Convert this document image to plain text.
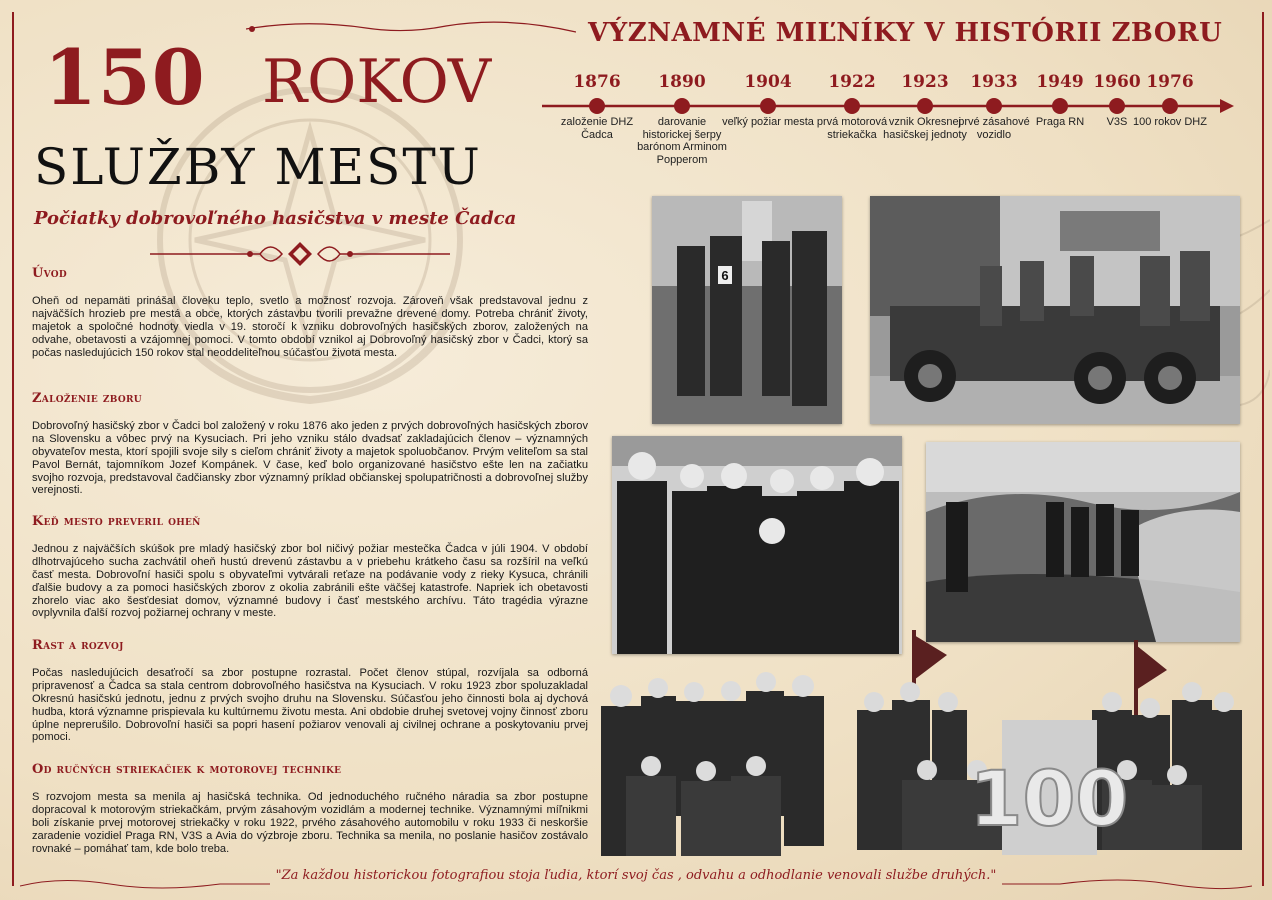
150 ROKOV
SLUŽBY MESTU
Počiatky dobrovoľného hasičstva v meste Čadca
Úvod

Oheň od nepamäti prinášal človeku teplo, svetlo a možnosť rozvoja. Zároveň však predstavoval jednu z najväčších hrozieb pre mestá a obce, ktorých zástavbu tvorili prevažne drevené domy. Potreba chrániť životy, majetok a spoločné hodnoty viedla v 19. storočí k vzniku dobrovoľných hasičských zborov, založených na odvahe, obetavosti a vzájomnej pomoci. V tomto období vznikol aj Dobrovoľný hasičský zbor v Čadci, ktorý sa počas nasledujúcich 150 rokov stal neoddeliteľnou súčasťou života mesta.

Založenie zboru

Dobrovoľný hasičský zbor v Čadci bol založený v roku 1876 ako jeden z prvých dobrovoľných hasičských zborov na Slovensku a vôbec prvý na Kysuciach. Pri jeho vzniku stálo dvadsať zakladajúcich členov – významných obyvateľov mesta, ktorí spojili svoje sily s cieľom chrániť životy a majetok spoluobčanov. Prvým veliteľom sa stal Pavol Bernát, tajomníkom Jozef Kompánek. V čase, keď bolo organizované hasičstvo ešte len na začiatku svojho rozvoja, predstavoval čadčiansky zbor významný príklad občianskej spolupatričnosti a dobrovoľnej služby verejnosti.

Keď mesto preveril oheň

Jednou z najväčších skúšok pre mladý hasičský zbor bol ničivý požiar mestečka Čadca v júli 1904. V období dlhotrvajúceho sucha zachvátil oheň hustú drevenú zástavbu a v priebehu krátkeho času sa rozšíril na veľkú časť mesta. Dobrovoľní hasiči spolu s obyvateľmi vytvárali reťaze na podávanie vody z rieky Kysuca, chránili ďalšie budovy a za pomoci hasičských zborov z okolia zabránili ešte väčšej katastrofe. Napriek ich obetavosti zhorelo viac ako šesťdesiat domov, významné budovy i časť mestského archívu. Táto tragédia výrazne ovplyvnila ďalší rozvoj požiarnej ochrany v meste.

Rast a rozvoj

Počas nasledujúcich desaťročí sa zbor postupne rozrastal. Počet členov stúpal, rozvíjala sa odborná pripravenosť a Čadca sa stala centrom dobrovoľného hasičstva na Kysuciach. V roku 1923 zbor spoluzakladal Okresnú hasičskú jednotu, jednu z prvých svojho druhu na Slovensku. Súčasťou jeho činnosti bola aj dychová hudba, ktorá významne prispievala ku kultúrnemu životu mesta. Ani obdobie druhej svetovej vojny činnosť zboru úplne neprerušilo. Dobrovoľní hasiči sa popri hasení požiarov venovali aj civilnej ochrane a poskytovaniu prvej pomoci.

Od ručných striekačiek k motorovej technike

S rozvojom mesta sa menila aj hasičská technika. Od jednoduchého ručného náradia sa zbor postupne dopracoval k motorovým striekačkám, prvým zásahovým vozidlám a modernej technike. Významnými míľnikmi boli získanie prvej motorovej striekačky v roku 1922, prvého zásahového automobilu v roku 1933 či neskoršie zaradenie vozidiel Praga RN, V3S a Avia do výzbroje zboru. Technika sa menila, no poslanie hasičov zostávalo rovnaké – pomáhať tam, kde bolo treba.

VÝZNAMNÉ MIĽNÍKY V HISTÓRII ZBORU
1876
založenie DHZ Čadca
1890
darovanie historickej šerpy barónom Arminom Popperom
1904
veľký požiar mesta
1922
prvá motorová striekačka
1923
vznik Okresnej hasičskej jednoty
1933
prvé zásahové vozidlo
1949
Praga RN
1960
V3S
1976
100 rokov DHZ
6
100
"Za každou historickou fotografiou stoja ľudia, ktorí svoj čas , odvahu a odhodlanie venovali službe druhých."
